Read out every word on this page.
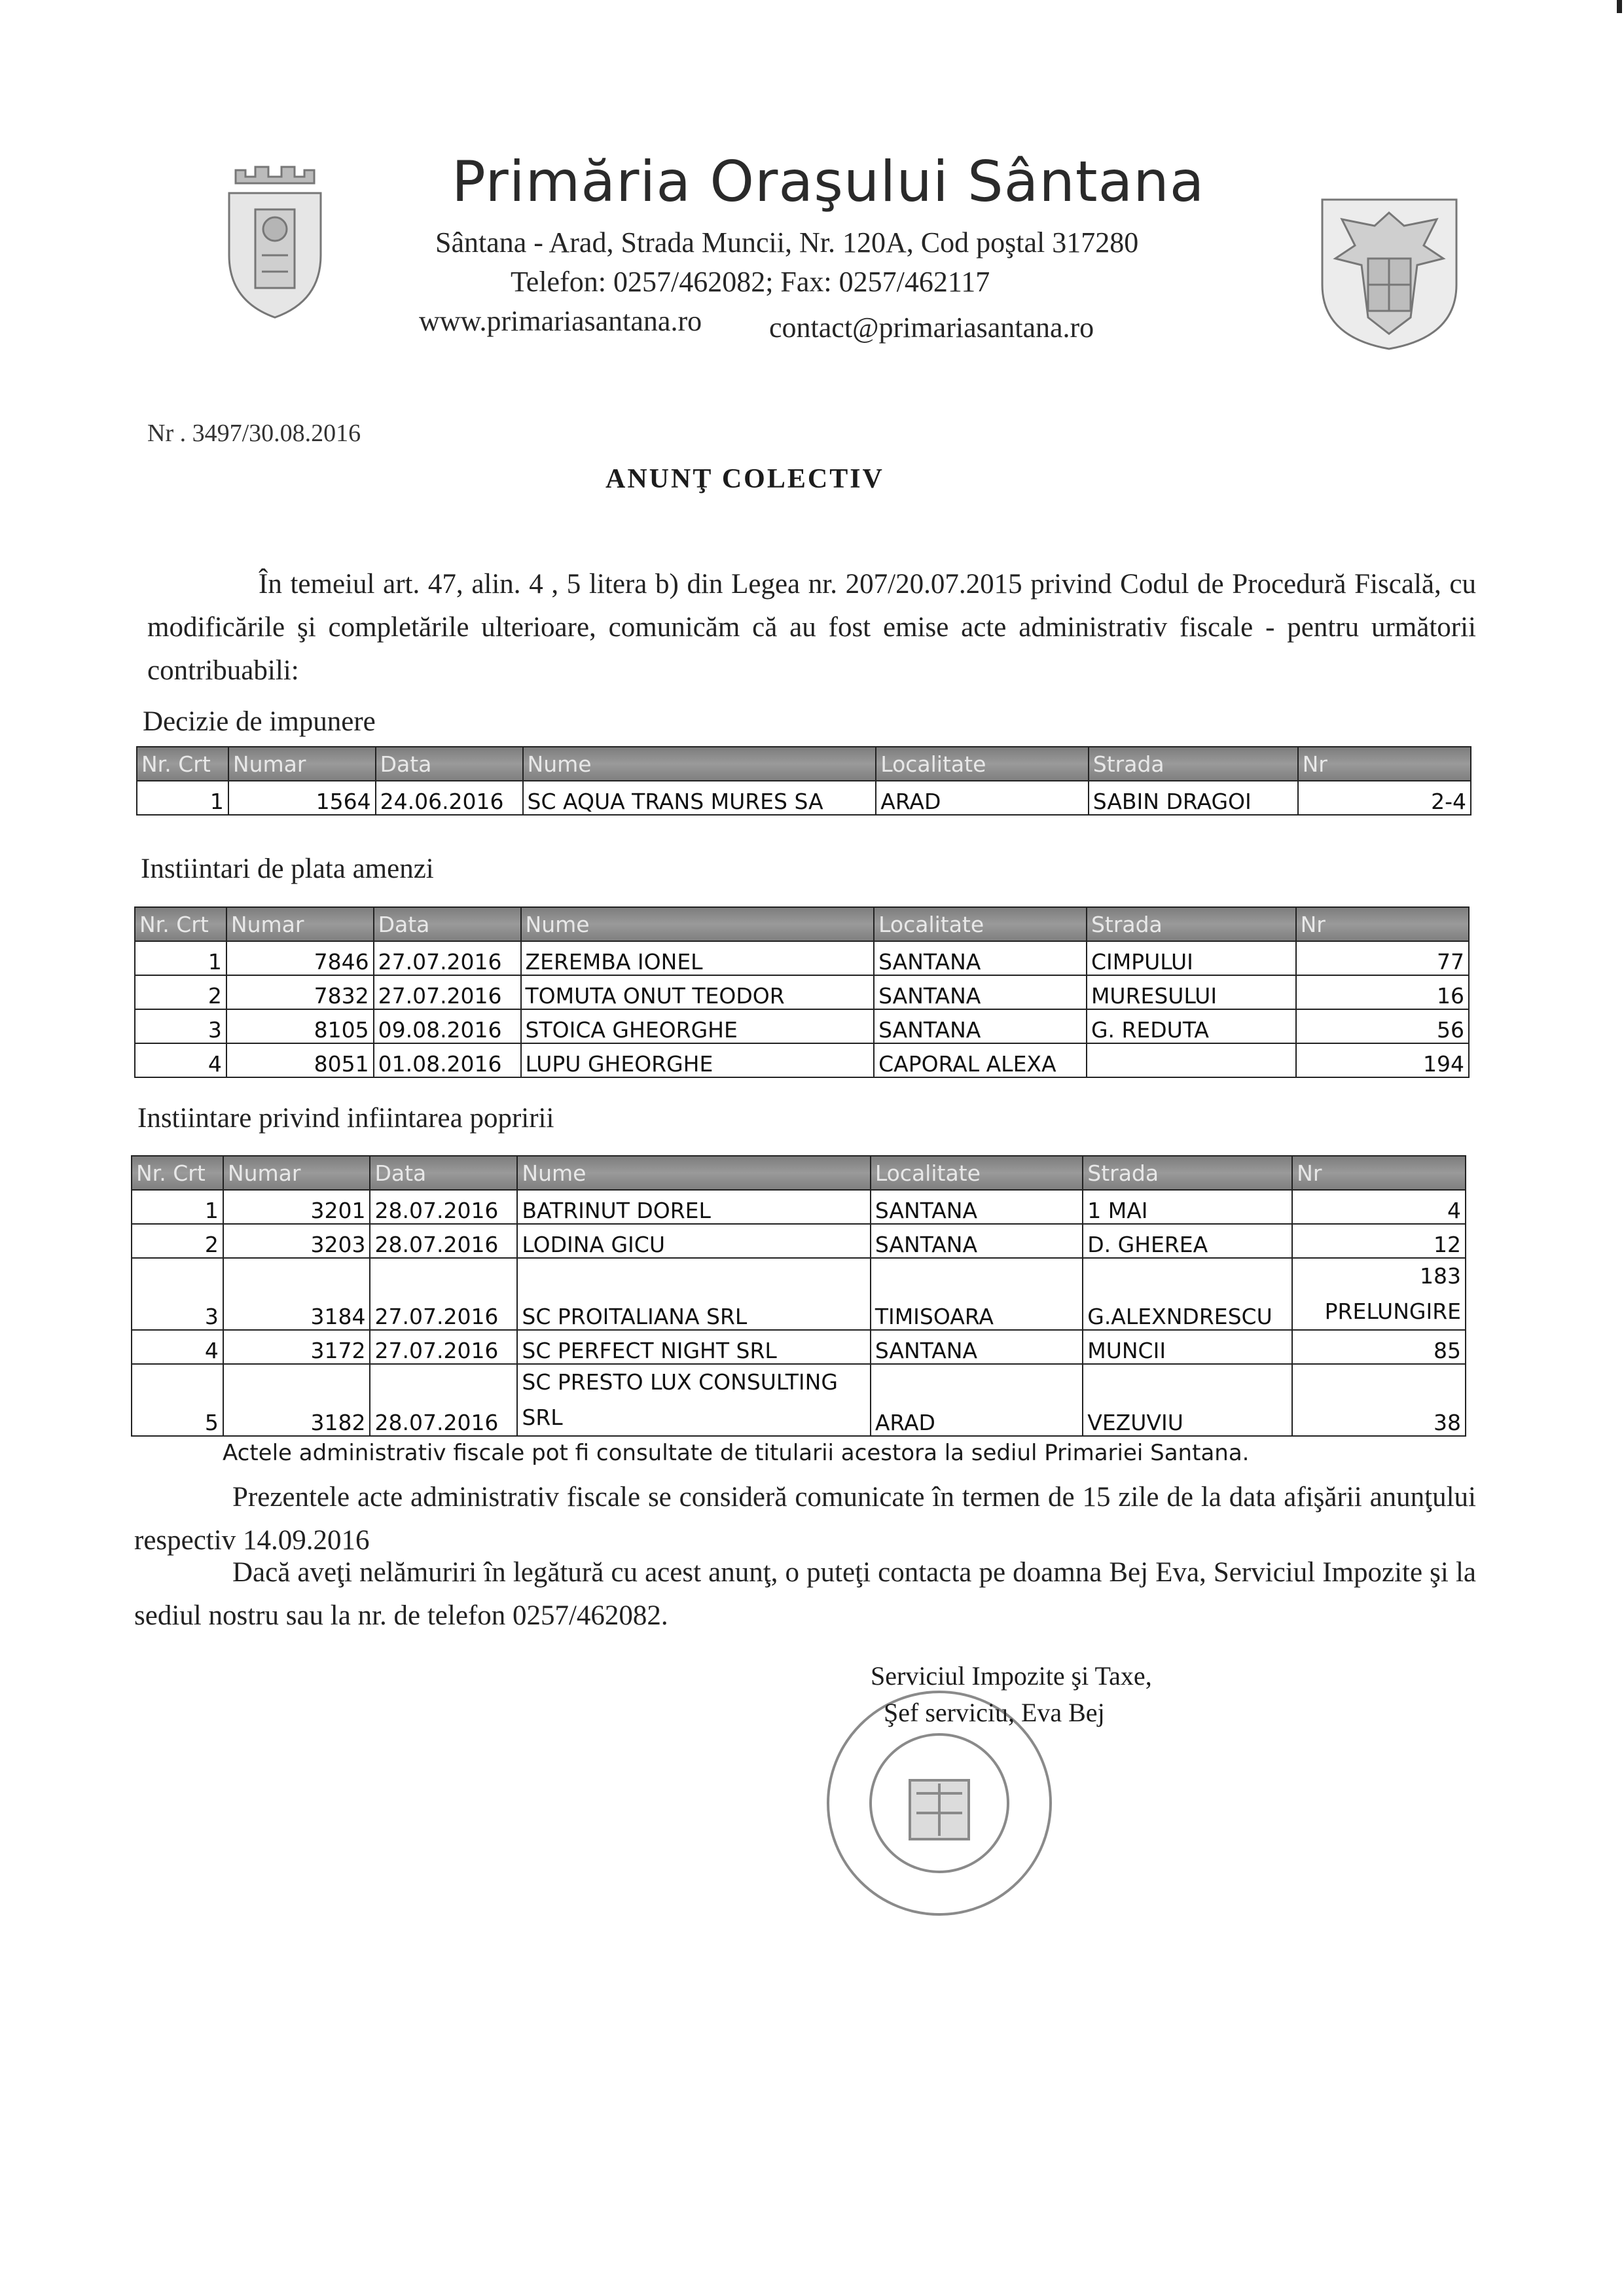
Primăria Oraşului Sântana
Sântana - Arad, Strada Muncii, Nr. 120A, Cod poştal 317280
Telefon: 0257/462082; Fax: 0257/462117
www.primariasantana.ro contact@primariasantana.ro
Nr . 3497/30.08.2016
ANUNŢ COLECTIV
În temeiul art. 47, alin. 4 , 5 litera b) din Legea nr. 207/20.07.2015 privind Codul de Procedură Fiscală, cu modificările şi completările ulterioare, comunicăm că au fost emise acte administrativ fiscale - pentru următorii contribuabili:
Decizie de impunere
Nr. Crt	Numar	Data	Nume	Localitate	Strada	Nr
1	1564	24.06.2016	SC AQUA TRANS MURES SA	ARAD	SABIN DRAGOI	2-4
Instiintari de plata amenzi
Nr. Crt	Numar	Data	Nume	Localitate	Strada	Nr
1	7846	27.07.2016	ZEREMBA IONEL	SANTANA	CIMPULUI	77
2	7832	27.07.2016	TOMUTA ONUT TEODOR	SANTANA	MURESULUI	16
3	8105	09.08.2016	STOICA GHEORGHE	SANTANA	G. REDUTA	56
4	8051	01.08.2016	LUPU GHEORGHE	CAPORAL ALEXA		194
Instiintare privind infiintarea popririi
Nr. Crt	Numar	Data	Nume	Localitate	Strada	Nr
1	3201	28.07.2016	BATRINUT DOREL	SANTANA	1 MAI	4
2	3203	28.07.2016	LODINA GICU	SANTANA	D. GHEREA	12
3	3184	27.07.2016	SC PROITALIANA SRL	TIMISOARA	G.ALEXNDRESCU	183 PRELUNGIRE
4	3172	27.07.2016	SC PERFECT NIGHT SRL	SANTANA	MUNCII	85
5	3182	28.07.2016	SC PRESTO LUX CONSULTING SRL	ARAD	VEZUVIU	38
Actele administrativ fiscale pot fi consultate de titularii acestora la sediul Primariei Santana.
Prezentele acte administrativ fiscale se consideră comunicate în termen de 15 zile de la data afişării anunţului respectiv 14.09.2016
Dacă aveţi nelămuriri în legătură cu acest anunţ, o puteţi contacta pe doamna Bej Eva, Serviciul Impozite şi la sediul nostru sau la nr. de telefon 0257/462082.
Serviciul Impozite şi Taxe,
Şef serviciu, Eva Bej
